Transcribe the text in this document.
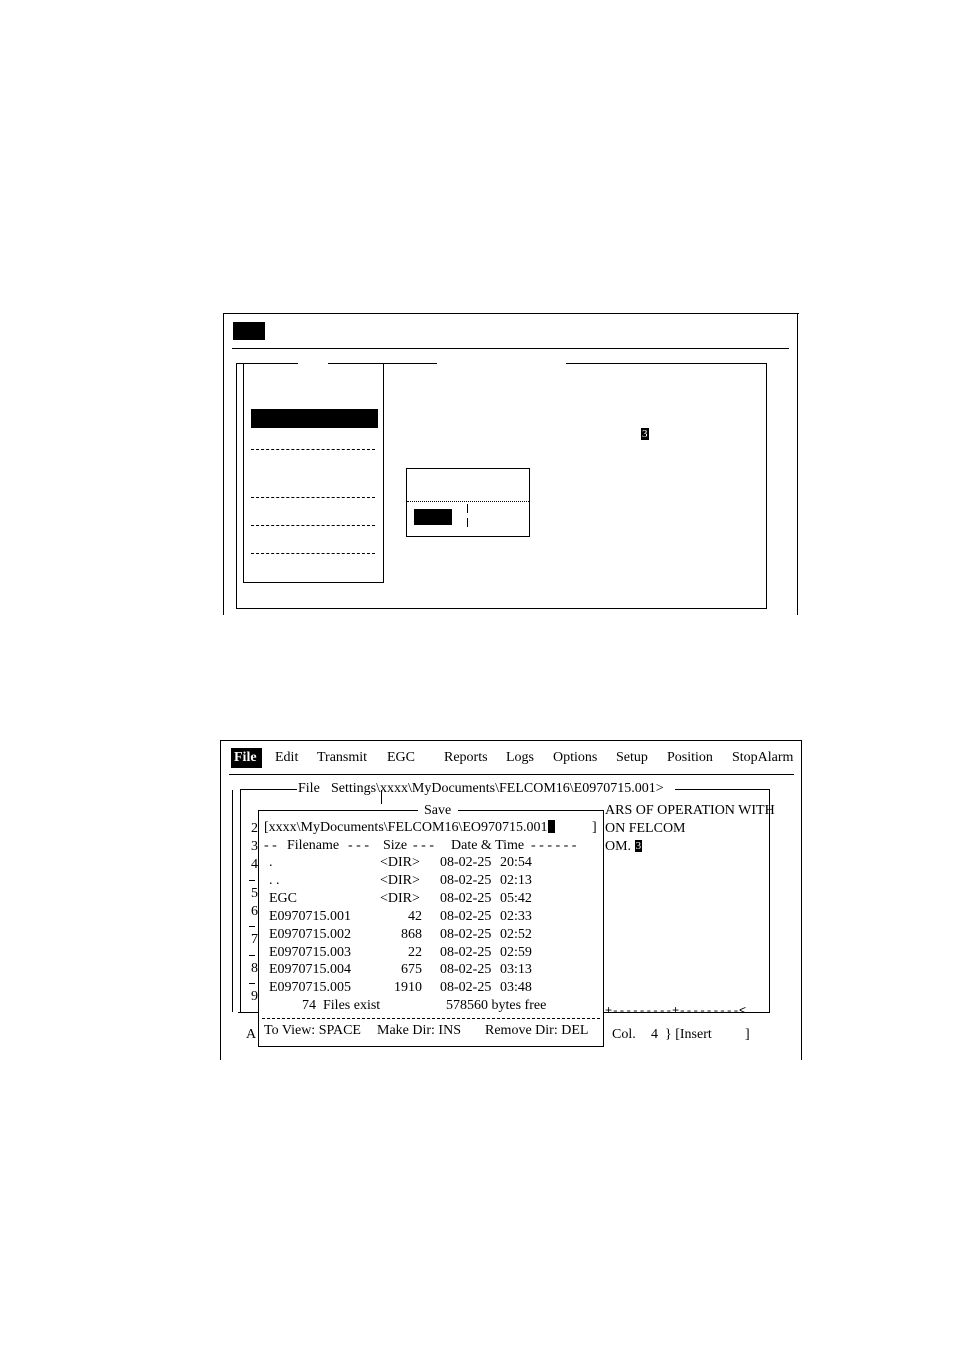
3

File Edit Transmit EGC Reports Logs Options Setup Position StopAlarm
File Settings\xxxx\MyDocuments\FELCOM16\E0970715.001>
2
3
4
5
6
7
8
9
ARS OF OPERATION WITH
ON FELCOM
OM. 3
+---------+---------<
A	Col. 4 } [Insert ]
Save
[xxxx\MyDocuments\FELCOM16\EO970715.001	]
- - Filename - - - Size - - - Date & Time - - - - - -
.	<DIR> 08-02-25 20:54
. .	<DIR> 08-02-25 02:13
EGC	<DIR> 08-02-25 05:42
E0970715.001	42 08-02-25 02:33
E0970715.002	868 08-02-25 02:52
E0970715.003	22 08-02-25 02:59
E0970715.004	675 08-02-25 03:13
E0970715.005	1910 08-02-25 03:48
74  Files exist	578560 bytes free
To View: SPACE Make Dir: INS Remove Dir: DEL
